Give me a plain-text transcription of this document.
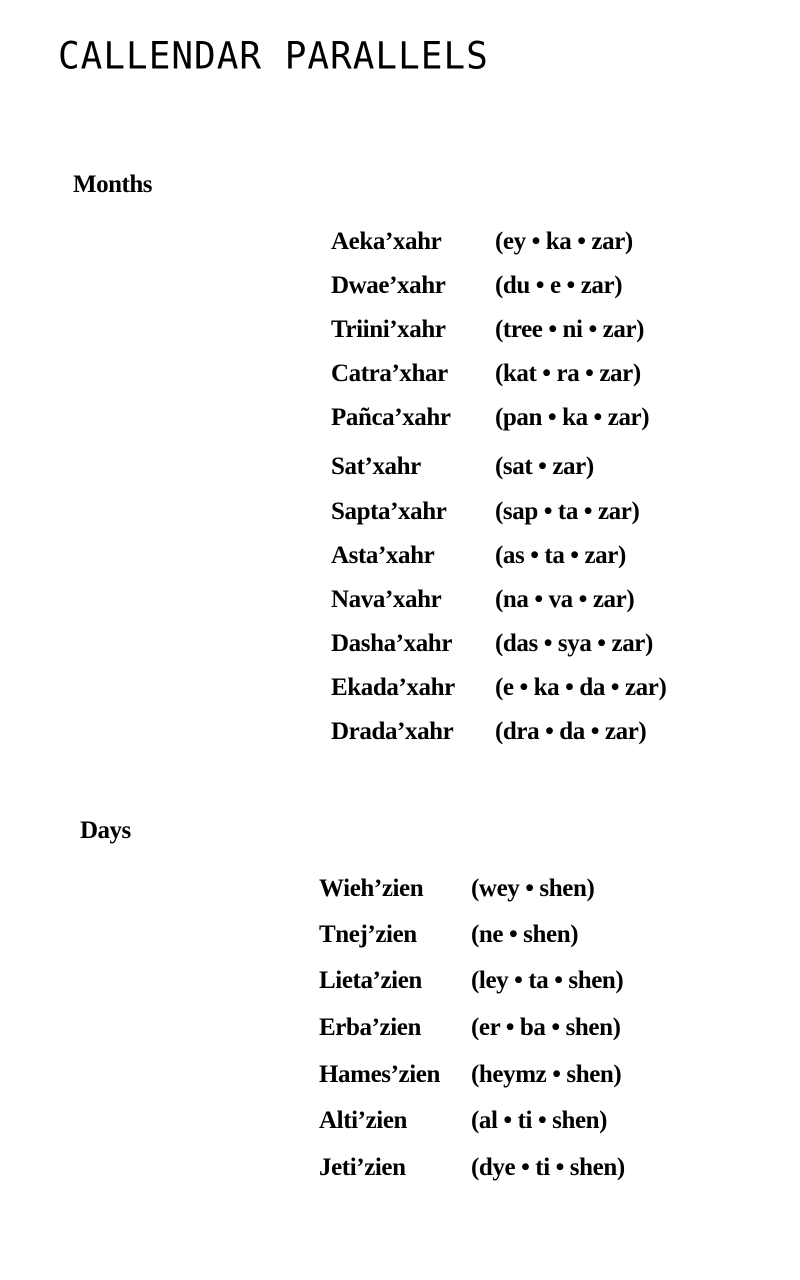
CALLENDAR PARALLELS
Months
Aeka’xahr (ey • ka • zar)
Dwae’xahr (du • e • zar)
Triini’xahr (tree • ni • zar)
Catra’xhar (kat • ra • zar)
Pañca’xahr (pan • ka • zar)
Sat’xahr	(sat • zar)
Sapta’xahr (sap • ta • zar)
Asta’xahr (as • ta • zar)
Nava’xahr (na • va • zar)
Dasha’xahr (das • sya • zar)
Ekada’xahr (e • ka • da • zar)
Drada’xahr (dra • da • zar)
Days
Wieh’zien (wey • shen)
Tnej’zien (ne • shen)
Lieta’zien (ley • ta • shen)
Erba’zien (er • ba • shen)
Hames’zien (heymz • shen)
Alti’zien	(al • ti • shen)
Jeti’zien	(dye • ti • shen)
